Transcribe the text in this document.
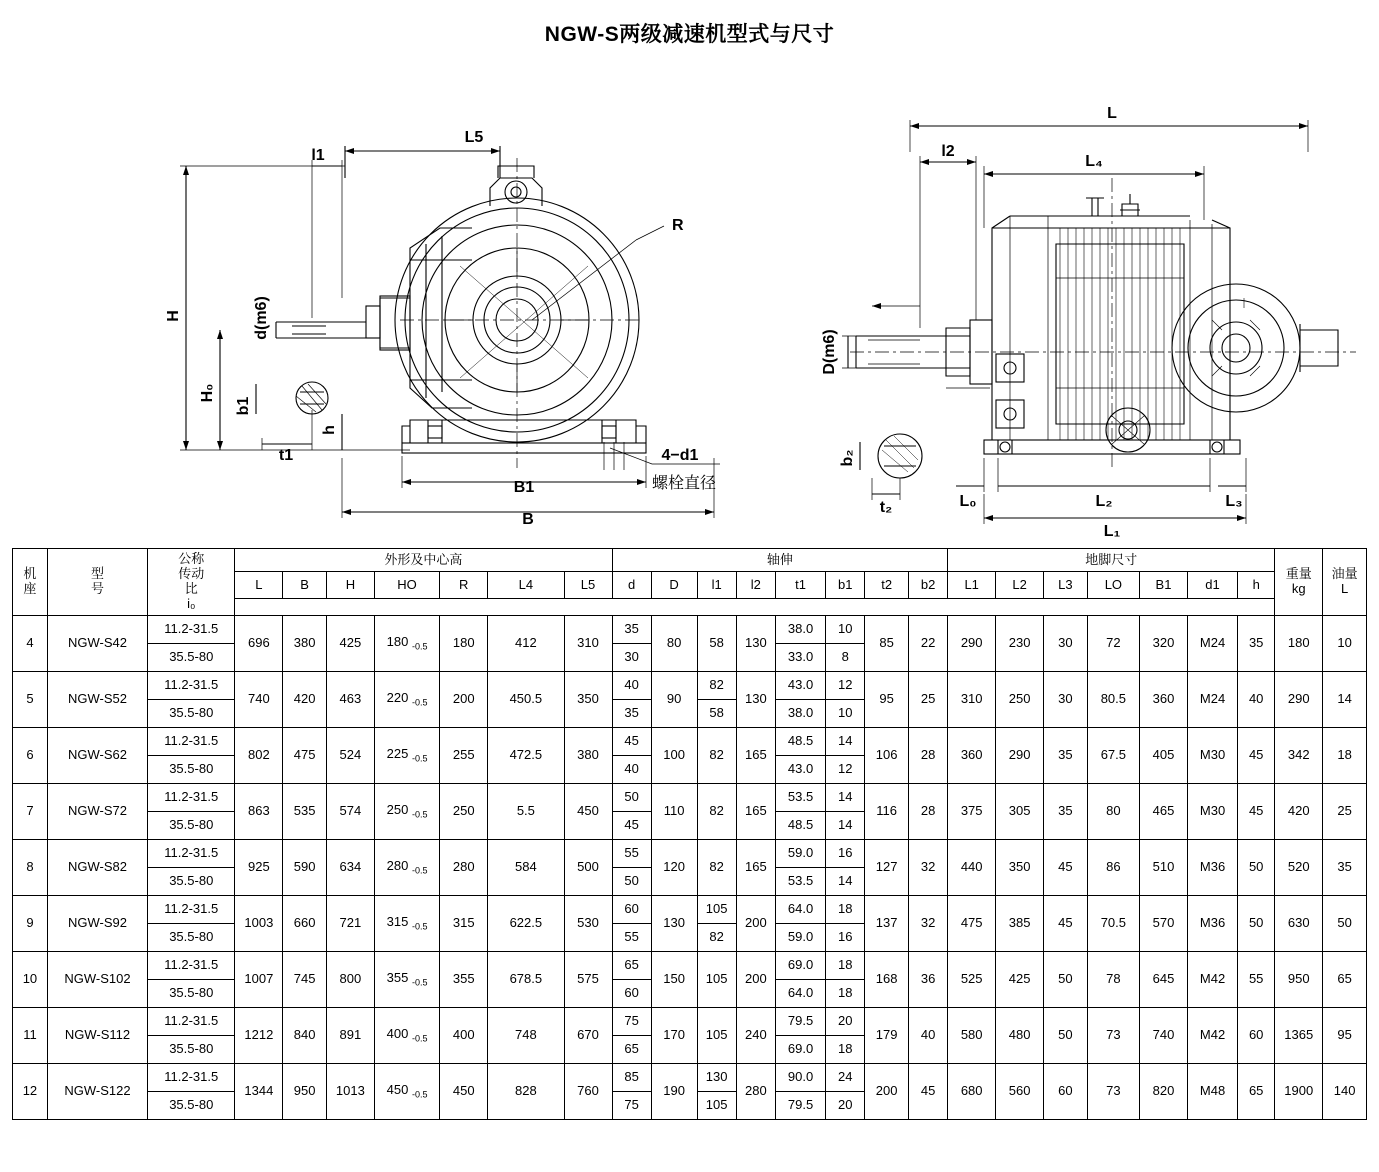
NGW-S两级减速机型式与尺寸
L5
l1
H
H₀
b1
t1
h
d(m6)
R
B1
B
4−d1
螺栓直径
L
l2
L₄
D(m6)
b₂
t₂	L₀	L₂	L₃
L₁
机
座

型
号

公称
传动
比
i₀
	外形及中心高	轴伸	地脚尺寸	
重量
kg

油量
L

			L	B	H	HO	R	L4	L5	d	D	l1	l2	t1	b1	t2	b2	L1	L2	L3	LO	B1	d1	h		

4	NGW-S42	11.2-31.5	696	380	425	180 $_{-0.5}$	180	412	310	35	80	58	130	38.0	10	85	22	290	230	30	72	320	M24	35	180	10
		35.5-80								30				33.0	8											
5	NGW-S52	11.2-31.5	740	420	463	220 $_{-0.5}$	200	450.5	350	40	90	82	130	43.0	12	95	25	310	250	30	80.5	360	M24	40	290	14
		35.5-80								35		58		38.0	10											
6	NGW-S62	11.2-31.5	802	475	524	225 $_{-0.5}$	255	472.5	380	45	100	82	165	48.5	14	106	28	360	290	35	67.5	405	M30	45	342	18
		35.5-80								40				43.0	12											
7	NGW-S72	11.2-31.5	863	535	574	250 $_{-0.5}$	250	5.5	450	50	110	82	165	53.5	14	116	28	375	305	35	80	465	M30	45	420	25
		35.5-80								45				48.5	14											
8	NGW-S82	11.2-31.5	925	590	634	280 $_{-0.5}$	280	584	500	55	120	82	165	59.0	16	127	32	440	350	45	86	510	M36	50	520	35
		35.5-80								50				53.5	14											
9	NGW-S92	11.2-31.5	1003	660	721	315 $_{-0.5}$	315	622.5	530	60	130	105	200	64.0	18	137	32	475	385	45	70.5	570	M36	50	630	50
		35.5-80								55		82		59.0	16											
10	NGW-S102	11.2-31.5	1007	745	800	355 $_{-0.5}$	355	678.5	575	65	150	105	200	69.0	18	168	36	525	425	50	78	645	M42	55	950	65
		35.5-80								60				64.0	18											
11	NGW-S112	11.2-31.5	1212	840	891	400 $_{-0.5}$	400	748	670	75	170	105	240	79.5	20	179	40	580	480	50	73	740	M42	60	1365	95
		35.5-80								65				69.0	18											
12	NGW-S122	11.2-31.5	1344	950	1013	450 $_{-0.5}$	450	828	760	85	190	130	280	90.0	24	200	45	680	560	60	73	820	M48	65	1900	140
		35.5-80								75		105		79.5	20											
